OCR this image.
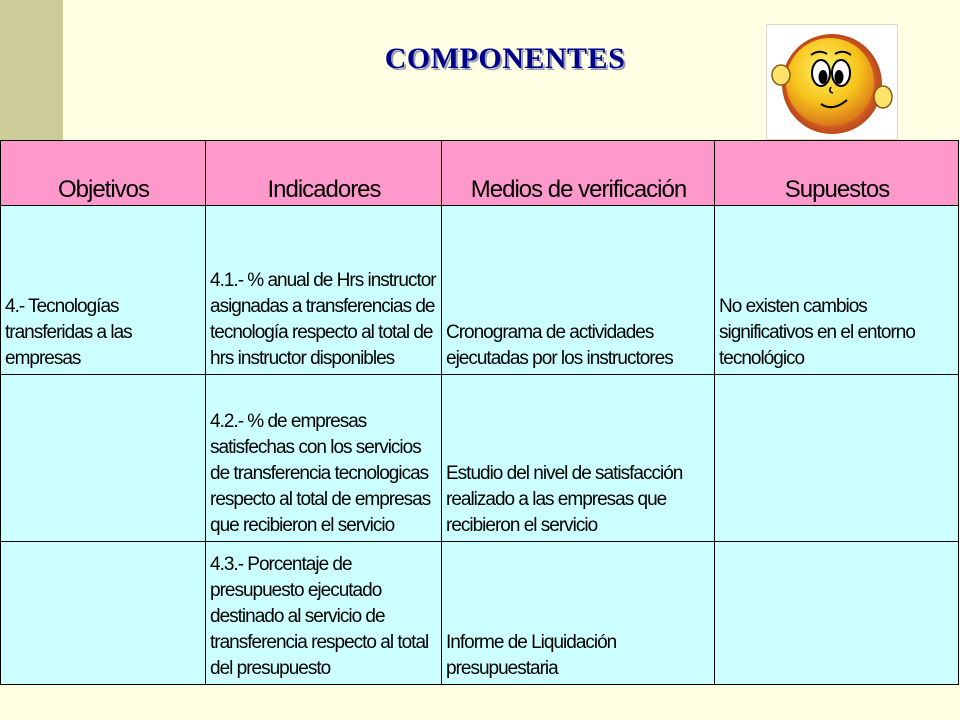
COMPONENTES
Objetivos	Indicadores	Medios de verificación	Supuestos
4.- Tecnologías transferidas a las empresas	4.1.- % anual de Hrs instructor asignadas a transferencias de tecnología respecto al total de hrs instructor disponibles	Cronograma de actividades ejecutadas por los instructores	No existen cambios significativos en el entorno tecnológico
	4.2.- % de empresas satisfechas con los servicios de transferencia tecnologicas respecto al total de empresas que recibieron el servicio	Estudio del nivel de satisfacción realizado a las empresas que recibieron el servicio	
	4.3.- Porcentaje de presupuesto ejecutado destinado al servicio de transferencia respecto al total del presupuesto	Informe de Liquidación presupuestaria	
